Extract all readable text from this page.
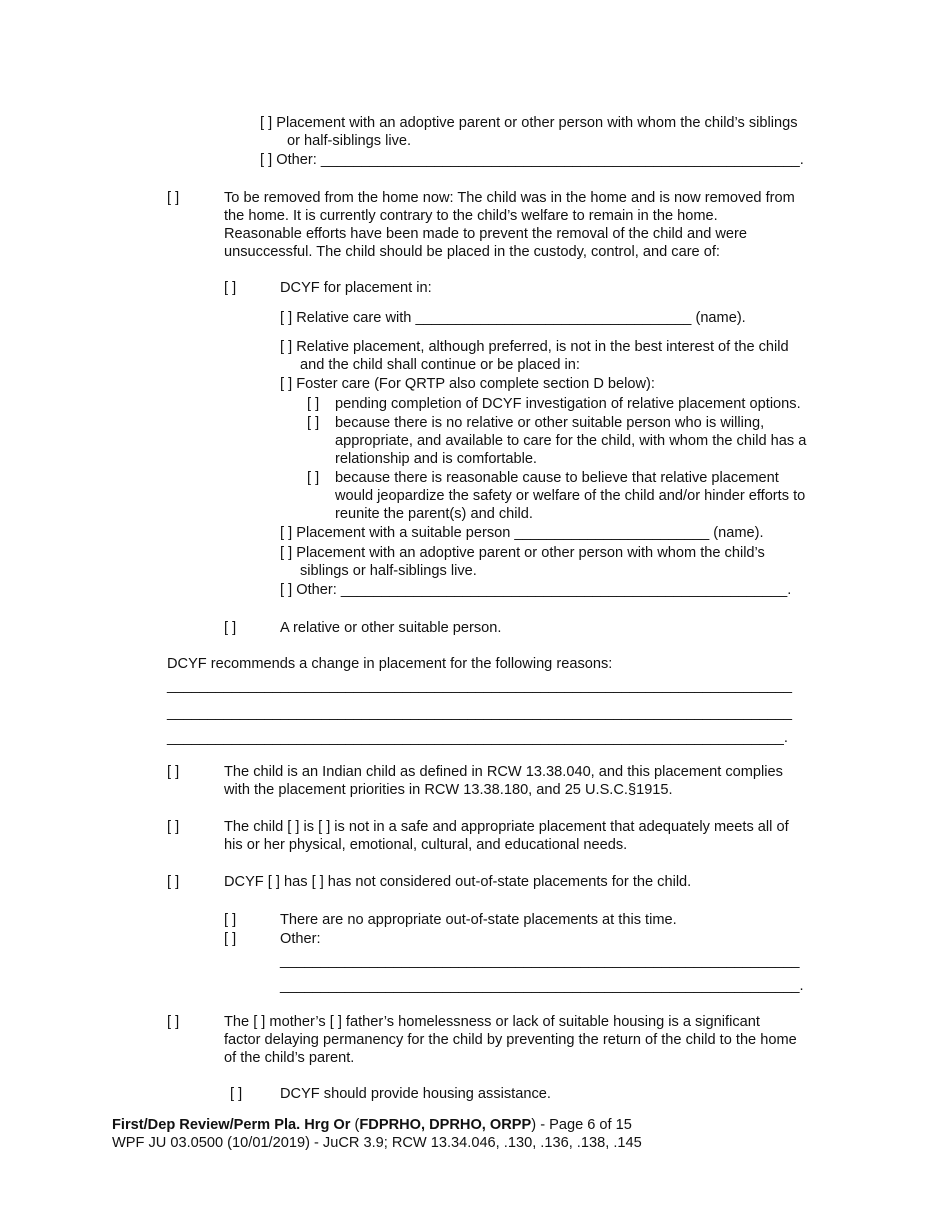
[ ] Placement with an adoptive parent or other person with whom the child’s siblings

or half-siblings live.

[ ] Other: ___________________________________________________________.

[ ]	To be removed from the home now: The child was in the home and is now removed from

the home. It is currently contrary to the child’s welfare to remain in the home.

Reasonable efforts have been made to prevent the removal of the child and were

unsuccessful. The child should be placed in the custody, control, and care of:

[ ]	DCYF for placement in:

[ ] Relative care with __________________________________ (name).

[ ] Relative placement, although preferred, is not in the best interest of the child

and the child shall continue or be placed in:

[ ] Foster care (For QRTP also complete section D below):

[ ] pending completion of DCYF investigation of relative placement options.

[ ] because there is no relative or other suitable person who is willing,

appropriate, and available to care for the child, with whom the child has a

relationship and is comfortable.

[ ] because there is reasonable cause to believe that relative placement

would jeopardize the safety or welfare of the child and/or hinder efforts to

reunite the parent(s) and child.

[ ] Placement with a suitable person ________________________ (name).

[ ] Placement with an adoptive parent or other person with whom the child’s

siblings or half-siblings live.

[ ] Other: _______________________________________________________.

[ ]	A relative or other suitable person.

DCYF recommends a change in placement for the following reasons:

_____________________________________________________________________________

_____________________________________________________________________________

____________________________________________________________________________.

[ ]	The child is an Indian child as defined in RCW 13.38.040, and this placement complies

with the placement priorities in RCW 13.38.180, and 25 U.S.C.§1915.

[ ]	The child [ ] is [ ] is not in a safe and appropriate placement that adequately meets all of

his or her physical, emotional, cultural, and educational needs.

[ ]	DCYF [ ] has [ ] has not considered out-of-state placements for the child.

[ ]	There are no appropriate out-of-state placements at this time.

[ ]	Other:

________________________________________________________________

________________________________________________________________.

[ ]	The [ ] mother’s [ ] father’s homelessness or lack of suitable housing is a significant

factor delaying permanency for the child by preventing the return of the child to the home

of the child’s parent.

[ ]	DCYF should provide housing assistance.

First/Dep Review/Perm Pla. Hrg Or (FDPRHO, DPRHO, ORPP) - Page 6 of 15

WPF JU 03.0500 (10/01/2019) - JuCR 3.9; RCW 13.34.046, .130, .136, .138, .145
